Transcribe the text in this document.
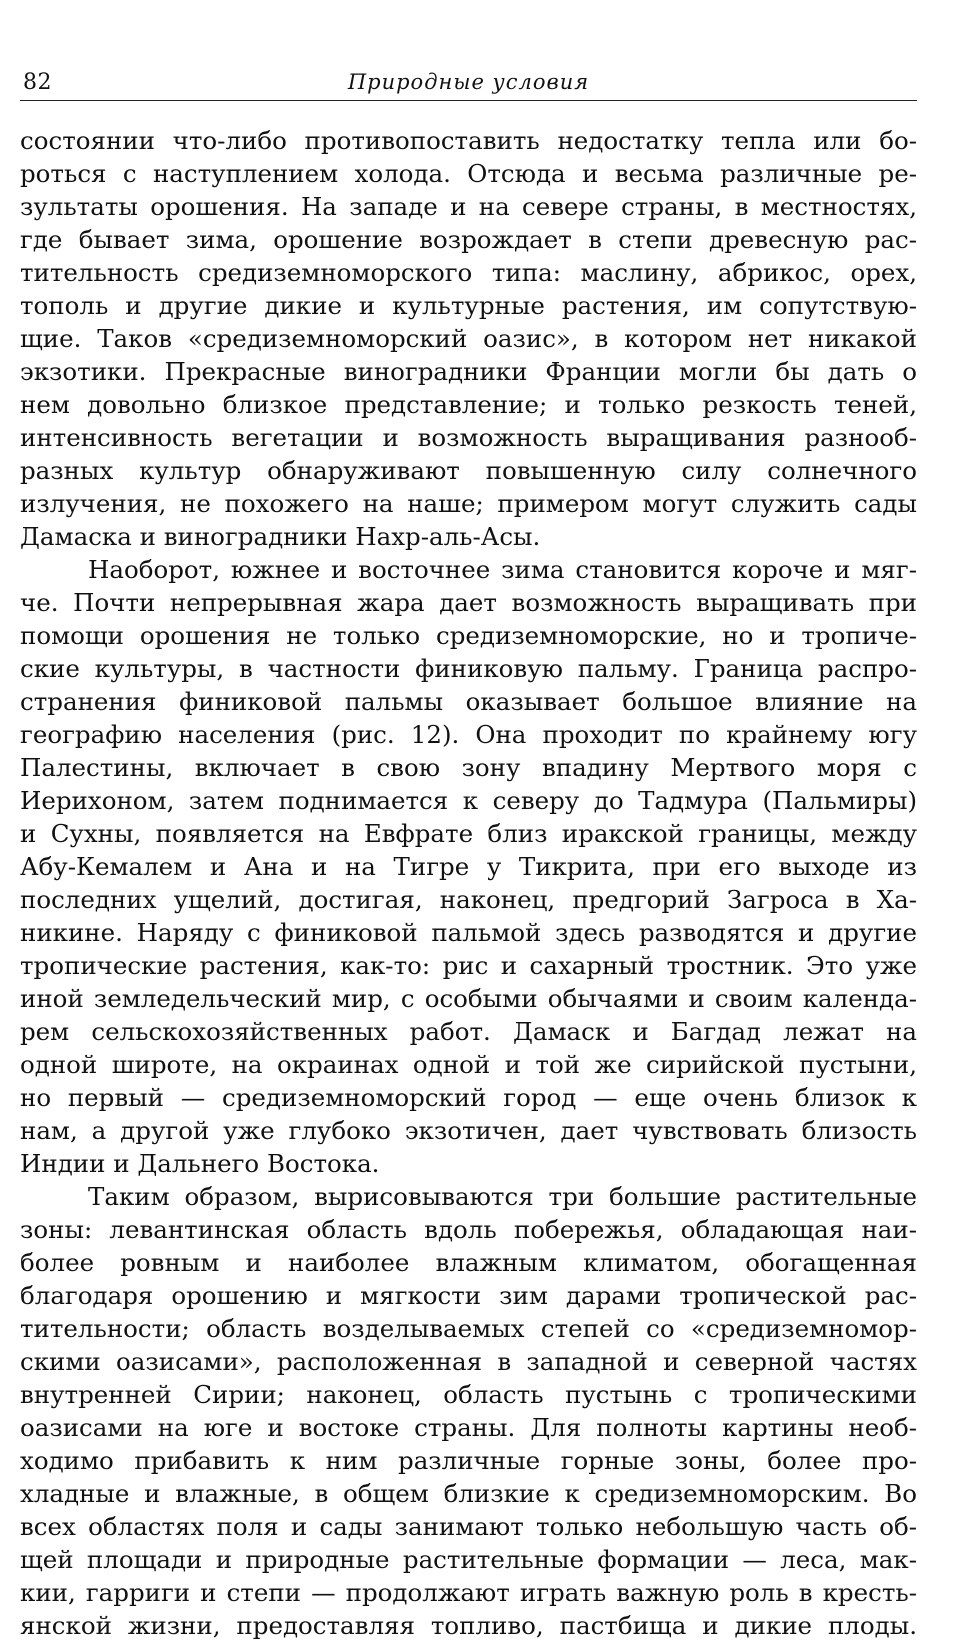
82	Природные условия
состоянии что-либо противопоставить недостатку тепла или бо-
роться с наступлением холода. Отсюда и весьма различные ре-
зультаты орошения. На западе и на севере страны, в местностях,
где бывает зима, орошение возрождает в степи древесную рас-
тительность средиземноморского типа: маслину, абрикос, орех,
тополь и другие дикие и культурные растения, им сопутствую-
щие. Таков «средиземноморский оазис», в котором нет никакой
экзотики. Прекрасные виноградники Франции могли бы дать о
нем довольно близкое представление; и только резкость теней,
интенсивность вегетации и возможность выращивания разнооб-
разных культур обнаруживают повышенную силу солнечного
излучения, не похожего на наше; примером могут служить сады
Дамаска и виноградники Нахр-аль-Асы.
Наоборот, южнее и восточнее зима становится короче и мяг-
че. Почти непрерывная жара дает возможность выращивать при
помощи орошения не только средиземноморские, но и тропиче-
ские культуры, в частности финиковую пальму. Граница распро-
странения финиковой пальмы оказывает большое влияние на
географию населения (рис. 12). Она проходит по крайнему югу
Палестины, включает в свою зону впадину Мертвого моря с
Иерихоном, затем поднимается к северу до Тадмура (Пальмиры)
и Сухны, появляется на Евфрате близ иракской границы, между
Абу-Кемалем и Ана и на Тигре у Тикрита, при его выходе из
последних ущелий, достигая, наконец, предгорий Загроса в Ха-
никине. Наряду с финиковой пальмой здесь разводятся и другие
тропические растения, как-то: рис и сахарный тростник. Это уже
иной земледельческий мир, с особыми обычаями и своим календа-
рем сельскохозяйственных работ. Дамаск и Багдад лежат на
одной широте, на окраинах одной и той же сирийской пустыни,
но первый — средиземноморский город — еще очень близок к
нам, а другой уже глубоко экзотичен, дает чувствовать близость
Индии и Дальнего Востока.
Таким образом, вырисовываются три большие растительные
зоны: левантинская область вдоль побережья, обладающая наи-
более ровным и наиболее влажным климатом, обогащенная
благодаря орошению и мягкости зим дарами тропической рас-
тительности; область возделываемых степей со «средиземномор-
скими оазисами», расположенная в западной и северной частях
внутренней Сирии; наконец, область пустынь с тропическими
оазисами на юге и востоке страны. Для полноты картины необ-
ходимо прибавить к ним различные горные зоны, более про-
хладные и влажные, в общем близкие к средиземноморским. Во
всех областях поля и сады занимают только небольшую часть об-
щей площади и природные растительные формации — леса, мак-
кии, гарриги и степи — продолжают играть важную роль в кресть-
янской жизни, предоставляя топливо, пастбища и дикие плоды.
